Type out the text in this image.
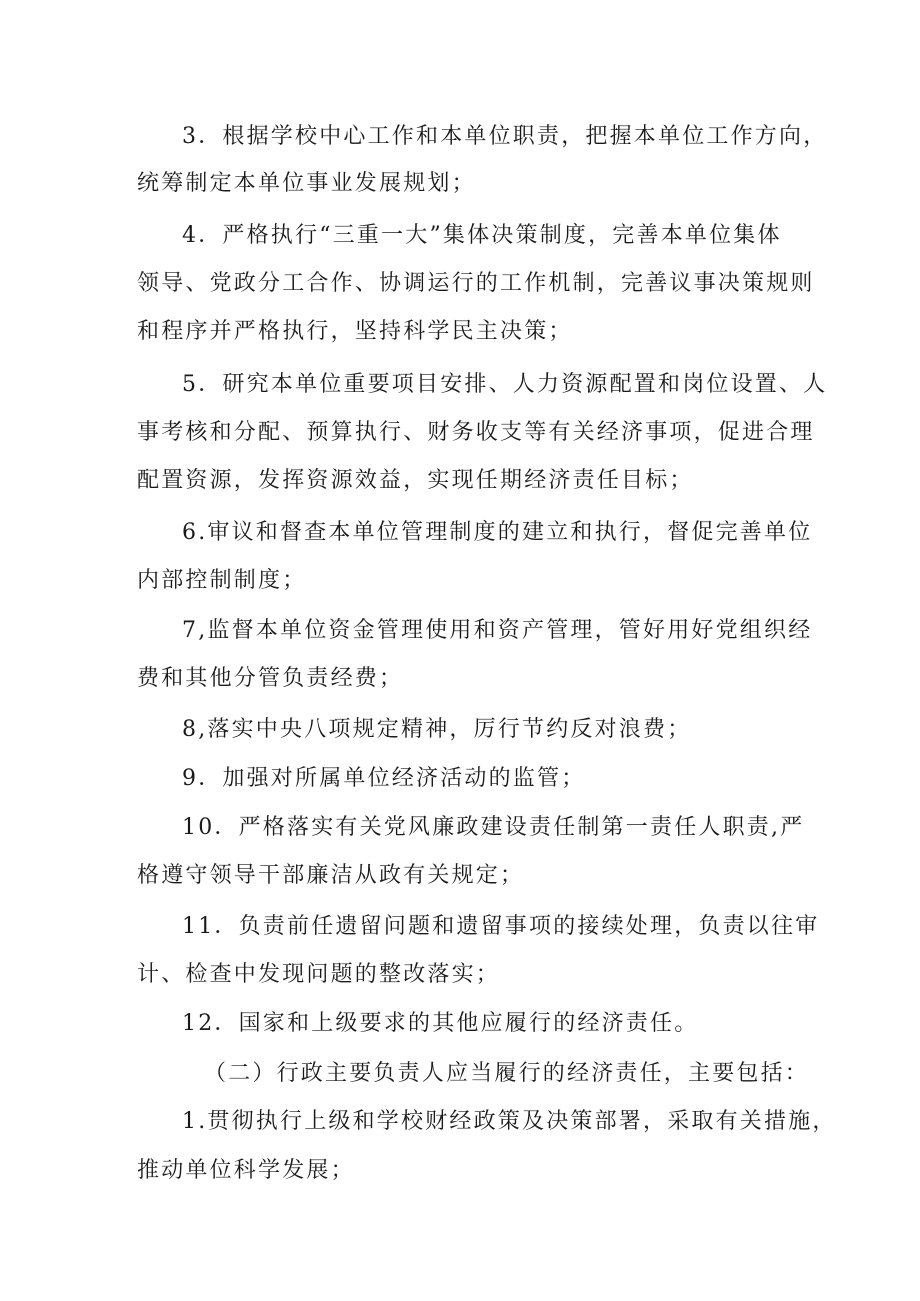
3．根据学校中心工作和本单位职责，把握本单位工作方向，
统筹制定本单位事业发展规划；
4．严格执行“三重一大”集体决策制度，完善本单位集体
领导、党政分工合作、协调运行的工作机制，完善议事决策规则
和程序并严格执行，坚持科学民主决策；
5．研究本单位重要项目安排、人力资源配置和岗位设置、人
事考核和分配、预算执行、财务收支等有关经济事项，促进合理
配置资源，发挥资源效益，实现任期经济责任目标；
6.审议和督查本单位管理制度的建立和执行，督促完善单位
内部控制制度；
7,监督本单位资金管理使用和资产管理，管好用好党组织经
费和其他分管负责经费；
8,落实中央八项规定精神，厉行节约反对浪费；
9．加强对所属单位经济活动的监管；
10．严格落实有关党风廉政建设责任制第一责任人职责,严
格遵守领导干部廉洁从政有关规定；
11．负责前任遗留问题和遗留事项的接续处理，负责以往审
计、检查中发现问题的整改落实；
12．国家和上级要求的其他应履行的经济责任。
（二）行政主要负责人应当履行的经济责任，主要包括：
1.贯彻执行上级和学校财经政策及决策部署，采取有关措施，
推动单位科学发展；
